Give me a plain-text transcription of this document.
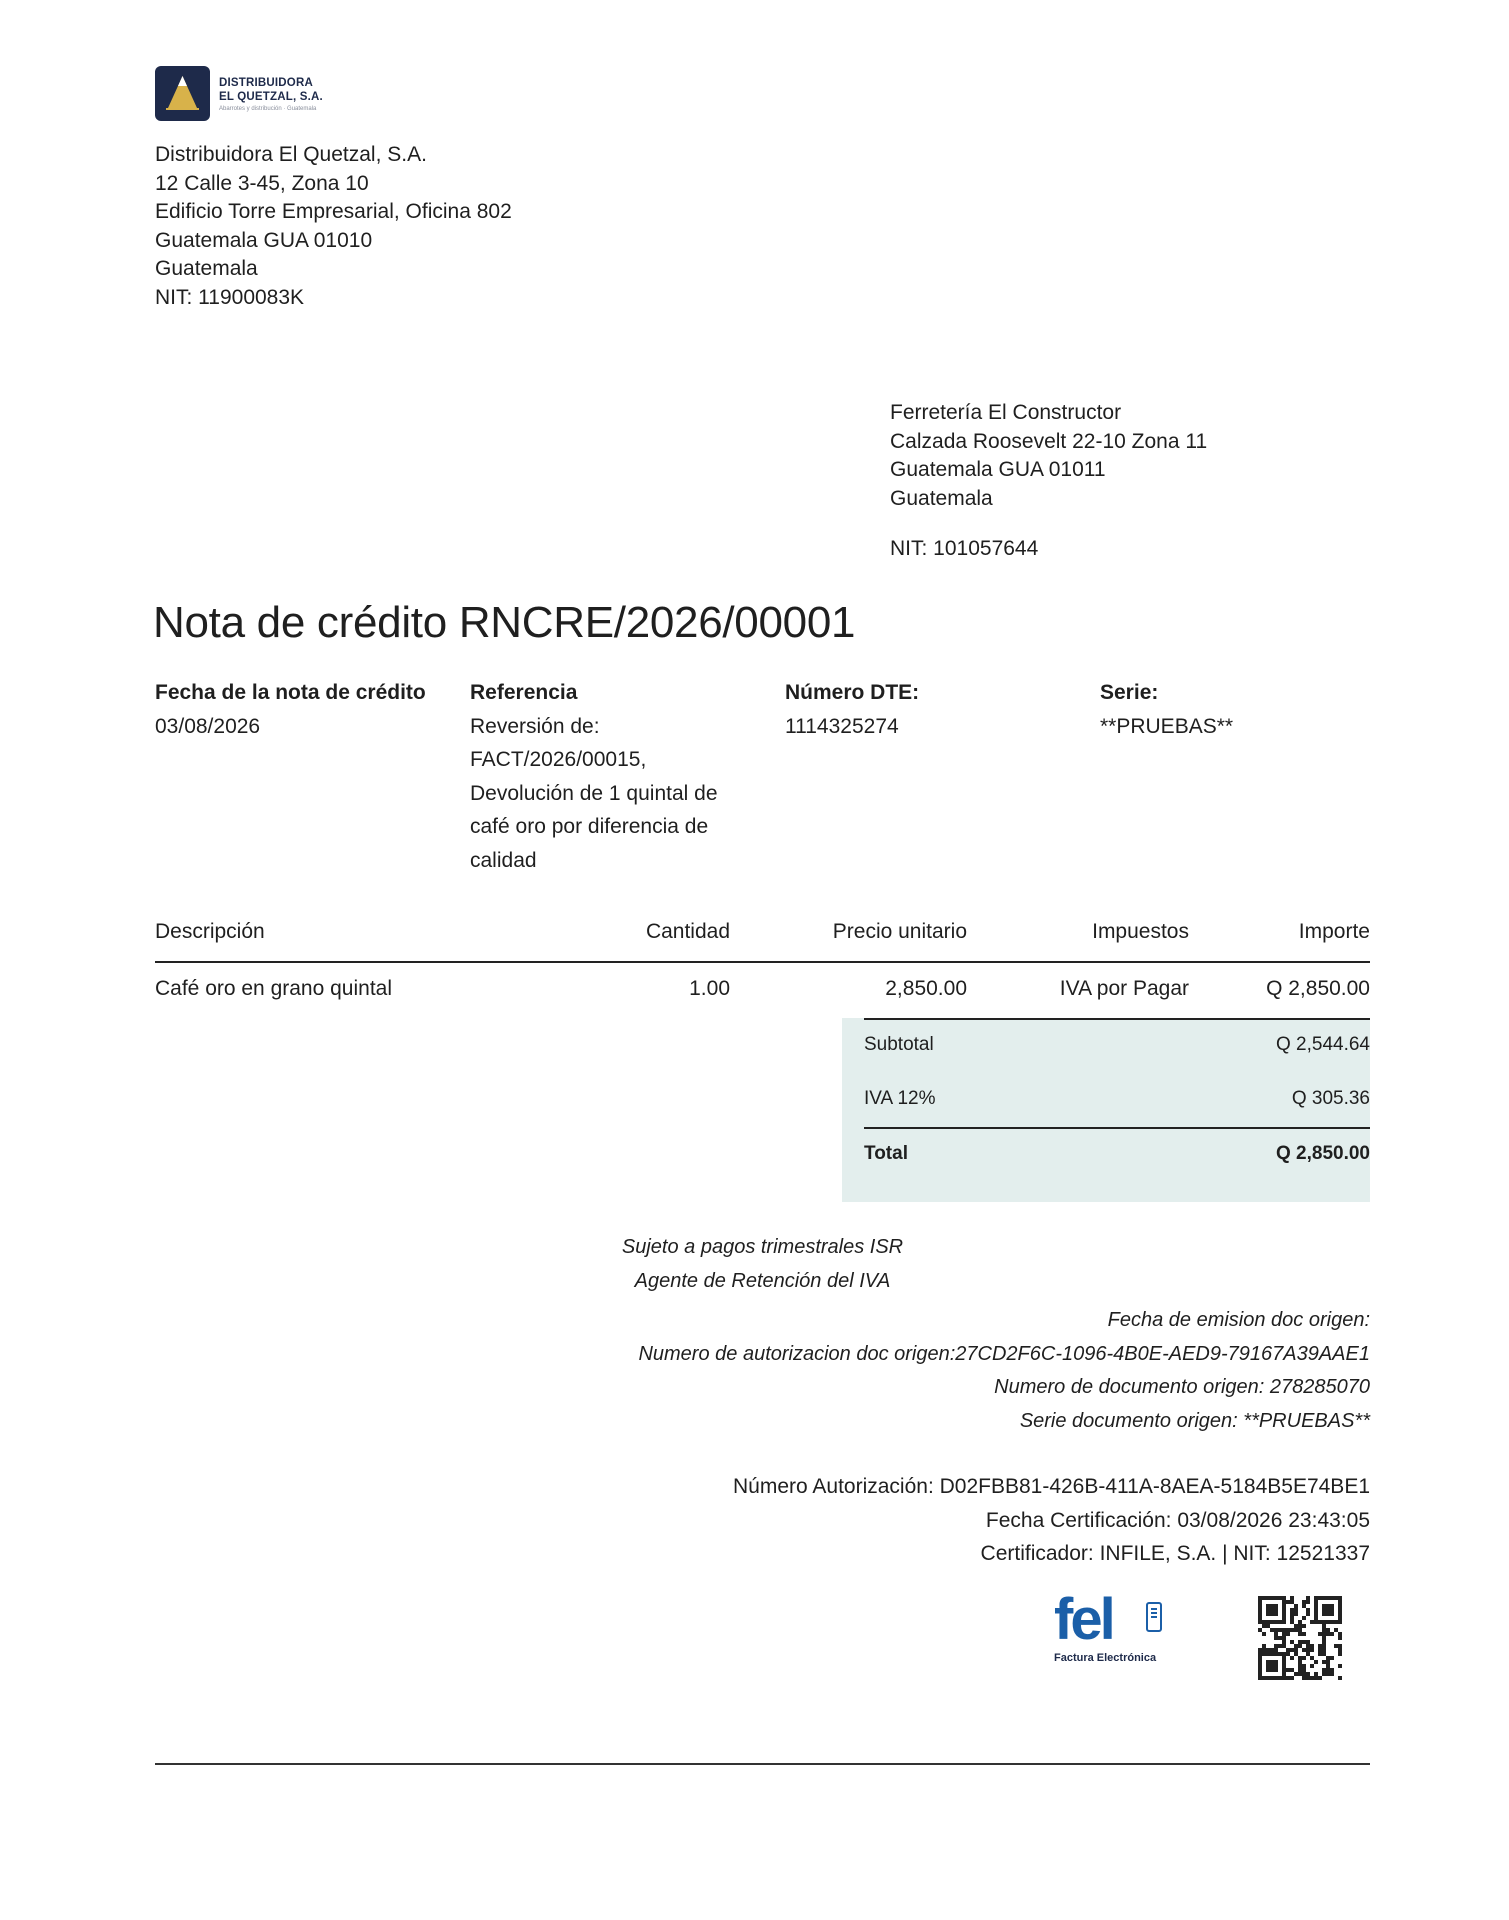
DISTRIBUIDORA
EL QUETZAL, S.A.
Abarrotes y distribución · Guatemala
Distribuidora El Quetzal, S.A.
12 Calle 3-45, Zona 10
Edificio Torre Empresarial, Oficina 802
Guatemala GUA 01010
Guatemala
NIT: 11900083K
Ferretería El Constructor
Calzada Roosevelt 22-10 Zona 11
Guatemala GUA 01011
Guatemala
NIT: 101057644
Nota de crédito RNCRE/2026/00001
Fecha de la nota de crédito
03/08/2026
Referencia
Reversión de: FACT/2026/00015, Devolución de 1 quintal de café oro por diferencia de calidad
Número DTE:
1114325274
Serie:
**PRUEBAS**
Descripción	Cantidad	Precio unitario	Impuestos	Importe
Café oro en grano quintal	1.00	2,850.00	IVA por Pagar	Q 2,850.00
Subtotal	Q 2,544.64
IVA 12%	Q 305.36
Total	Q 2,850.00
Sujeto a pagos trimestrales ISR
Agente de Retención del IVA
Fecha de emision doc origen:
Numero de autorizacion doc origen:27CD2F6C-1096-4B0E-AED9-79167A39AAE1
Numero de documento origen: 278285070
Serie documento origen: **PRUEBAS**
Número Autorización: D02FBB81-426B-411A-8AEA-5184B5E74BE1
Fecha Certificación: 03/08/2026 23:43:05
Certificador: INFILE, S.A. | NIT: 12521337
fel
Factura Electrónica
